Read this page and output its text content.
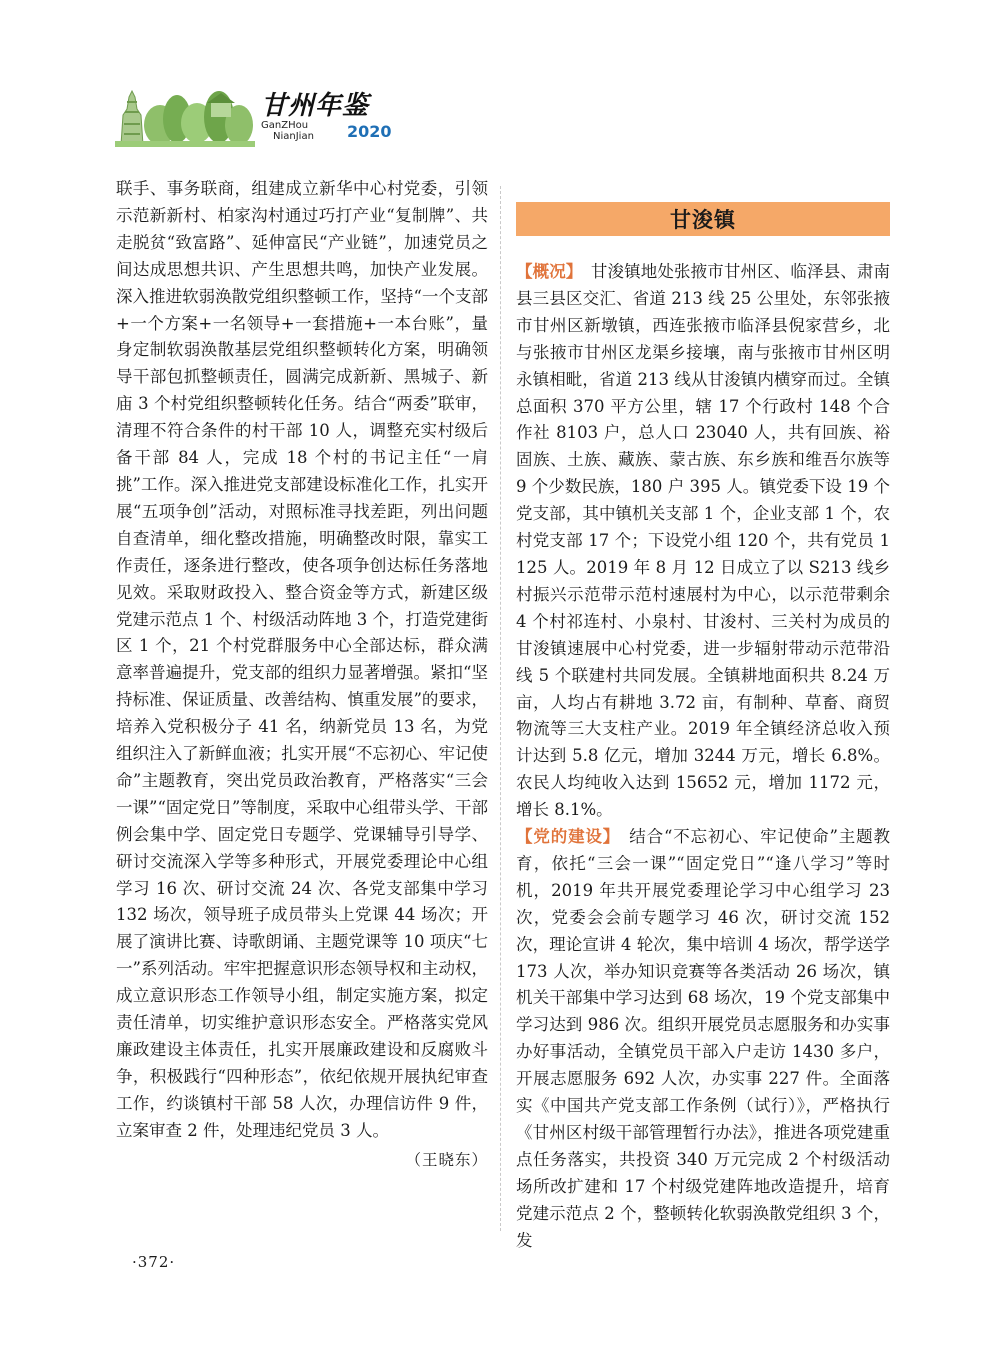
甘州年鉴
GanZHou
NianJian 2020

联手、事务联商，组建成立新华中心村党委，引领示范新新村、柏家沟村通过巧打产业“复制牌”、共走脱贫“致富路”、延伸富民“产业链”，加速党员之间达成思想共识、产生思想共鸣，加快产业发展。深入推进软弱涣散党组织整顿工作，坚持“一个支部+一个方案+一名领导+一套措施+一本台账”，量身定制软弱涣散基层党组织整顿转化方案，明确领导干部包抓整顿责任，圆满完成新新、黑城子、新庙 3 个村党组织整顿转化任务。结合“两委”联审，清理不符合条件的村干部 10 人，调整充实村级后备干部 84 人，完成 18 个村的书记主任“一肩挑”工作。深入推进党支部建设标准化工作，扎实开展“五项争创”活动，对照标准寻找差距，列出问题自查清单，细化整改措施，明确整改时限，靠实工作责任，逐条进行整改，使各项争创达标任务落地见效。采取财政投入、整合资金等方式，新建区级党建示范点 1 个、村级活动阵地 3 个，打造党建街区 1 个，21 个村党群服务中心全部达标，群众满意率普遍提升，党支部的组织力显著增强。紧扣“坚持标准、保证质量、改善结构、慎重发展”的要求，培养入党积极分子 41 名，纳新党员 13 名，为党组织注入了新鲜血液；扎实开展“不忘初心、牢记使命”主题教育，突出党员政治教育，严格落实“三会一课”“固定党日”等制度，采取中心组带头学、干部例会集中学、固定党日专题学、党课辅导引导学、研讨交流深入学等多种形式，开展党委理论中心组学习 16 次、研讨交流 24 次、各党支部集中学习 132 场次，领导班子成员带头上党课 44 场次；开展了演讲比赛、诗歌朗诵、主题党课等 10 项庆“七一”系列活动。牢牢把握意识形态领导权和主动权，成立意识形态工作领导小组，制定实施方案，拟定责任清单，切实维护意识形态安全。严格落实党风廉政建设主体责任，扎实开展廉政建设和反腐败斗争，积极践行“四种形态”，依纪依规开展执纪审查工作，约谈镇村干部 58 人次，办理信访件 9 件，立案审查 2 件，处理违纪党员 3 人。

（王晓东）

甘浚镇

【概况】  甘浚镇地处张掖市甘州区、临泽县、肃南县三县区交汇、省道 213 线 25 公里处，东邻张掖市甘州区新墩镇，西连张掖市临泽县倪家营乡，北与张掖市甘州区龙渠乡接壤，南与张掖市甘州区明永镇相毗，省道 213 线从甘浚镇内横穿而过。全镇总面积 370 平方公里，辖 17 个行政村 148 个合作社 8103 户，总人口 23040 人，共有回族、裕固族、土族、藏族、蒙古族、东乡族和维吾尔族等 9 个少数民族，180 户 395 人。镇党委下设 19 个党支部，其中镇机关支部 1 个，企业支部 1 个，农村党支部 17 个；下设党小组 120 个，共有党员 1125 人。2019 年 8 月 12 日成立了以 S213 线乡村振兴示范带示范村速展村为中心，以示范带剩余 4 个村祁连村、小泉村、甘浚村、三关村为成员的甘浚镇速展中心村党委，进一步辐射带动示范带沿线 5 个联建村共同发展。全镇耕地面积共 8.24 万亩，人均占有耕地 3.72 亩，有制种、草畜、商贸物流等三大支柱产业。2019 年全镇经济总收入预计达到 5.8 亿元，增加 3244 万元，增长 6.8%。农民人均纯收入达到 15652 元，增加 1172 元，增长 8.1%。

【党的建设】  结合“不忘初心、牢记使命”主题教育，依托“三会一课”“固定党日”“逢八学习”等时机，2019 年共开展党委理论学习中心组学习 23 次，党委会会前专题学习 46 次，研讨交流 152 次，理论宣讲 4 轮次，集中培训 4 场次，帮学送学 173 人次，举办知识竞赛等各类活动 26 场次，镇机关干部集中学习达到 68 场次，19 个党支部集中学习达到 986 次。组织开展党员志愿服务和办实事办好事活动，全镇党员干部入户走访 1430 多户，开展志愿服务 692 人次，办实事 227 件。全面落实《中国共产党支部工作条例（试行）》，严格执行《甘州区村级干部管理暂行办法》，推进各项党建重点任务落实，共投资 340 万元完成 2 个村级活动场所改扩建和 17 个村级党建阵地改造提升，培育党建示范点 2 个，整顿转化软弱涣散党组织 3 个，发

·372·
